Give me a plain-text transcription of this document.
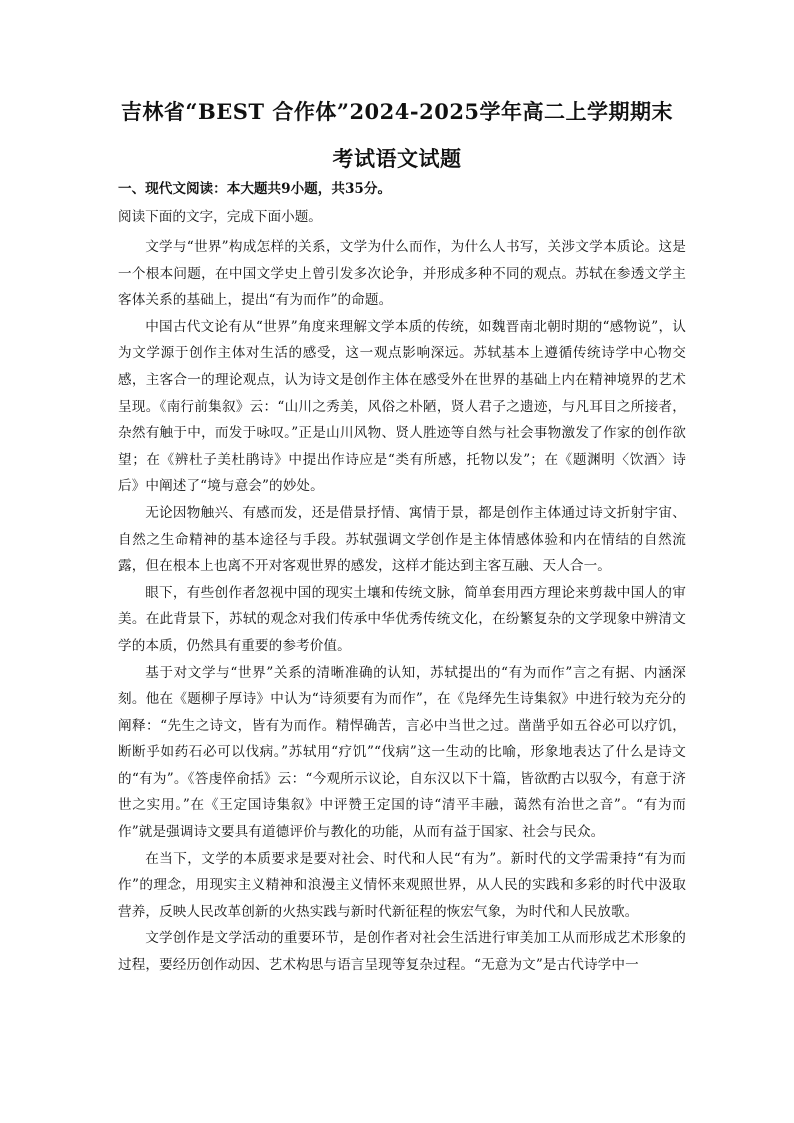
吉林省“BEST 合作体”2024-2025学年高二上学期期末
考试语文试题
一、现代文阅读：本大题共9小题，共35分。
阅读下面的文字，完成下面小题。

文学与“世界”构成怎样的关系，文学为什么而作，为什么人书写，关涉文学本质论。这是一个根本问题，在中国文学史上曾引发多次论争，并形成多种不同的观点。苏轼在参透文学主客体关系的基础上，提出“有为而作”的命题。

中国古代文论有从“世界”角度来理解文学本质的传统，如魏晋南北朝时期的“感物说”，认为文学源于创作主体对生活的感受，这一观点影响深远。苏轼基本上遵循传统诗学中心物交感，主客合一的理论观点，认为诗文是创作主体在感受外在世界的基础上内在精神境界的艺术呈现。《南行前集叙》云：“山川之秀美，风俗之朴陋，贤人君子之遗迹，与凡耳目之所接者，杂然有触于中，而发于咏叹。”正是山川风物、贤人胜迹等自然与社会事物激发了作家的创作欲望；在《辨杜子美杜鹃诗》中提出作诗应是“类有所感，托物以发”；在《题渊明〈饮酒〉诗后》中阐述了“境与意会”的妙处。

无论因物触兴、有感而发，还是借景抒情、寓情于景，都是创作主体通过诗文折射宇宙、自然之生命精神的基本途径与手段。苏轼强调文学创作是主体情感体验和内在情结的自然流露，但在根本上也离不开对客观世界的感发，这样才能达到主客互融、天人合一。

眼下，有些创作者忽视中国的现实土壤和传统文脉，简单套用西方理论来剪裁中国人的审美。在此背景下，苏轼的观念对我们传承中华优秀传统文化，在纷繁复杂的文学现象中辨清文学的本质，仍然具有重要的参考价值。

基于对文学与“世界”关系的清晰准确的认知，苏轼提出的“有为而作”言之有据、内涵深刻。他在《题柳子厚诗》中认为“诗须要有为而作”，在《凫绎先生诗集叙》中进行较为充分的阐释：“先生之诗文，皆有为而作。精悍确苦，言必中当世之过。凿凿乎如五谷必可以疗饥，断断乎如药石必可以伐病。”苏轼用“疗饥”“伐病”这一生动的比喻，形象地表达了什么是诗文的“有为”。《答虔倅俞括》云：“今观所示议论，自东汉以下十篇，皆欲酌古以驭今，有意于济世之实用。”在《王定国诗集叙》中评赞王定国的诗“清平丰融，蔼然有治世之音”。“有为而作”就是强调诗文要具有道德评价与教化的功能，从而有益于国家、社会与民众。

在当下，文学的本质要求是要对社会、时代和人民“有为”。新时代的文学需秉持“有为而作”的理念，用现实主义精神和浪漫主义情怀来观照世界，从人民的实践和多彩的时代中汲取营养，反映人民改革创新的火热实践与新时代新征程的恢宏气象，为时代和人民放歌。

文学创作是文学活动的重要环节，是创作者对社会生活进行审美加工从而形成艺术形象的过程，要经历创作动因、艺术构思与语言呈现等复杂过程。“无意为文”是古代诗学中一
